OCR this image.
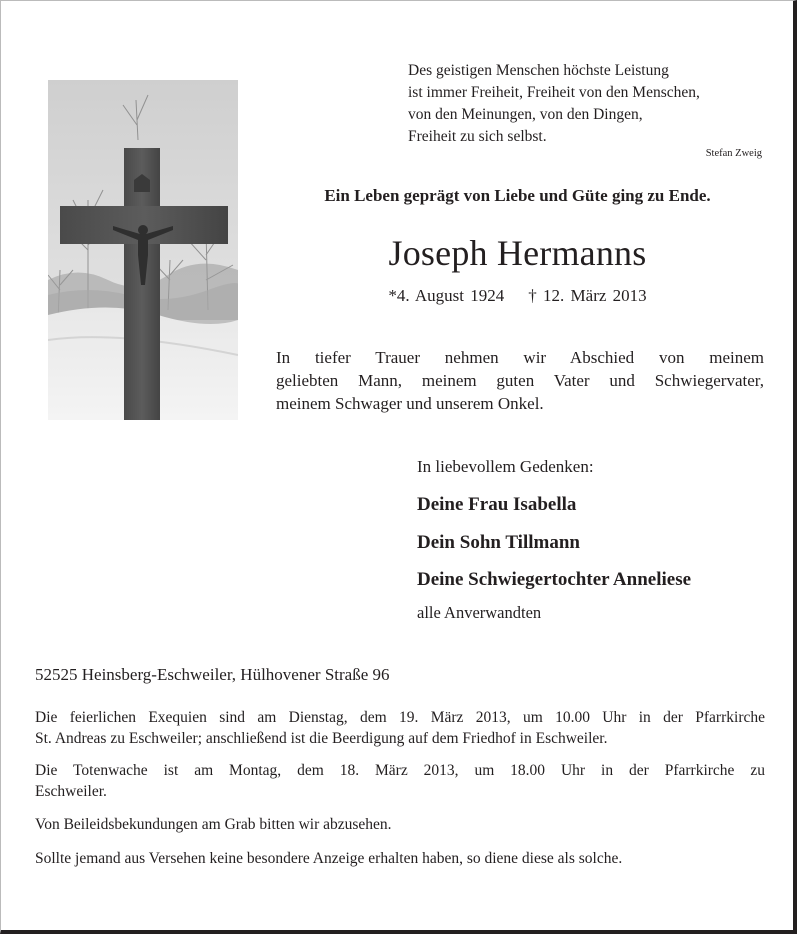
Des geistigen Menschen höchste Leistung
ist immer Freiheit, Freiheit von den Menschen,
von den Meinungen, von den Dingen,
Freiheit zu sich selbst.
Stefan Zweig
Ein Leben geprägt von Liebe und Güte ging zu Ende.
Joseph Hermanns
*4. August 1924 † 12. März 2013
In tiefer Trauer nehmen wir Abschied von meinem
geliebten Mann, meinem guten Vater und Schwiegervater,
meinem Schwager und unserem Onkel.
In liebevollem Gedenken:
Deine Frau Isabella
Dein Sohn Tillmann
Deine Schwiegertochter Anneliese
alle Anverwandten
52525 Heinsberg-Eschweiler, Hülhovener Straße 96
Die feierlichen Exequien sind am Dienstag, dem 19. März 2013, um 10.00 Uhr in der Pfarrkirche
St. Andreas zu Eschweiler; anschließend ist die Beerdigung auf dem Friedhof in Eschweiler.
Die Totenwache ist am Montag, dem 18. März 2013, um 18.00 Uhr in der Pfarrkirche zu
Eschweiler.
Von Beileidsbekundungen am Grab bitten wir abzusehen.
Sollte jemand aus Versehen keine besondere Anzeige erhalten haben, so diene diese als solche.
